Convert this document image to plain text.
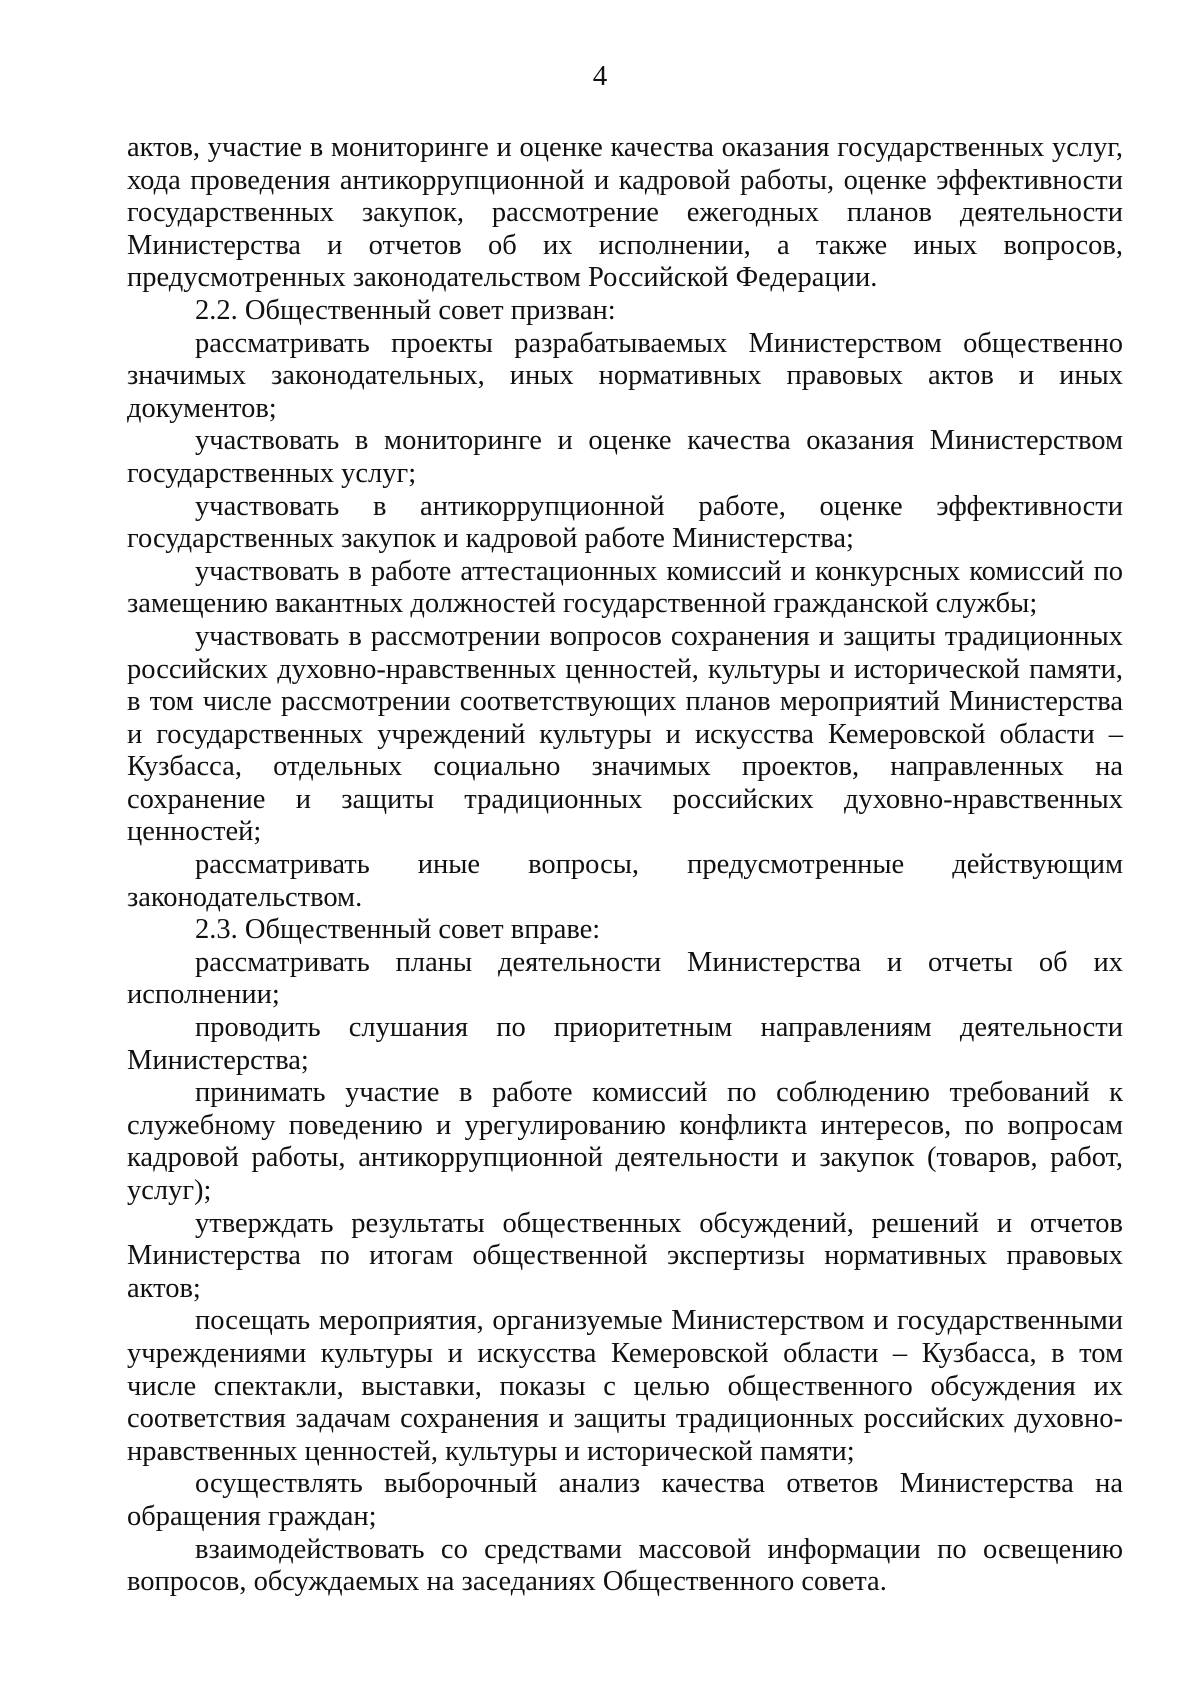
4

актов, участие в мониторинге и оценке качества оказания государственных услуг, хода проведения антикоррупционной и кадровой работы, оценке эффективности государственных закупок, рассмотрение ежегодных планов деятельности Министерства и отчетов об их исполнении, а также иных вопросов, предусмотренных законодательством Российской Федерации.

2.2. Общественный совет призван:

рассматривать проекты разрабатываемых Министерством общественно значимых законодательных, иных нормативных правовых актов и иных документов;

участвовать в мониторинге и оценке качества оказания Министерством государственных услуг;

участвовать в антикоррупционной работе, оценке эффективности государственных закупок и кадровой работе Министерства;

участвовать в работе аттестационных комиссий и конкурсных комиссий по замещению вакантных должностей государственной гражданской службы;

участвовать в рассмотрении вопросов сохранения и защиты традиционных российских духовно-нравственных ценностей, культуры и исторической памяти, в том числе рассмотрении соответствующих планов мероприятий Министерства и государственных учреждений культуры и искусства Кемеровской области – Кузбасса, отдельных социально значимых проектов, направленных на сохранение и защиты традиционных российских духовно-нравственных ценностей;

рассматривать иные вопросы, предусмотренные действующим законодательством.

2.3. Общественный совет вправе:

рассматривать планы деятельности Министерства и отчеты об их исполнении;

проводить слушания по приоритетным направлениям деятельности Министерства;

принимать участие в работе комиссий по соблюдению требований к служебному поведению и урегулированию конфликта интересов, по вопросам кадровой работы, антикоррупционной деятельности и закупок (товаров, работ, услуг);

утверждать результаты общественных обсуждений, решений и отчетов Министерства по итогам общественной экспертизы нормативных правовых актов;

посещать мероприятия, организуемые Министерством и государственными учреждениями культуры и искусства Кемеровской области – Кузбасса, в том числе спектакли, выставки, показы с целью общественного обсуждения их соответствия задачам сохранения и защиты традиционных российских духовно-нравственных ценностей, культуры и исторической памяти;

осуществлять выборочный анализ качества ответов Министерства на обращения граждан;

взаимодействовать со средствами массовой информации по освещению вопросов, обсуждаемых на заседаниях Общественного совета.
